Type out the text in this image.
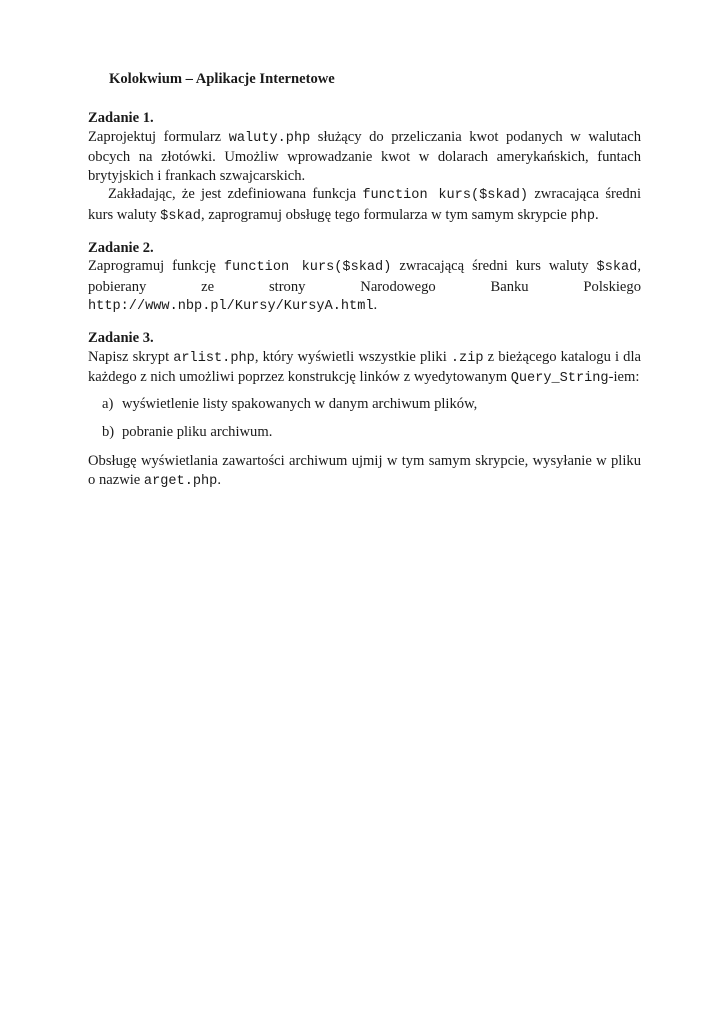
Kolokwium – Aplikacje Internetowe
Zadanie 1.

Zaprojektuj formularz waluty.php służący do przeliczania kwot podanych w walutach obcych na złotówki. Umożliw wprowadzanie kwot w dolarach amerykańskich, funtach brytyjskich i frankach szwajcarskich.

Zakładając, że jest zdefiniowana funkcja function kurs($skad) zwracająca średni kurs waluty $skad, zaprogramuj obsługę tego formularza w tym samym skrypcie php.

Zadanie 2.

Zaprogramuj funkcję function kurs($skad) zwracającą średni kurs waluty $skad, pobierany ze strony Narodowego Banku Polskiego http://www.nbp.pl/Kursy/KursyA.html.

Zadanie 3.

Napisz skrypt arlist.php, który wyświetli wszystkie pliki .zip z bieżącego katalogu i dla każdego z nich umożliwi poprzez konstrukcję linków z wyedytowanym Query_String-iem:

a) wyświetlenie listy spakowanych w danym archiwum plików,
b) pobranie pliku archiwum.

Obsługę wyświetlania zawartości archiwum ujmij w tym samym skrypcie, wysyłanie w pliku o nazwie arget.php.
